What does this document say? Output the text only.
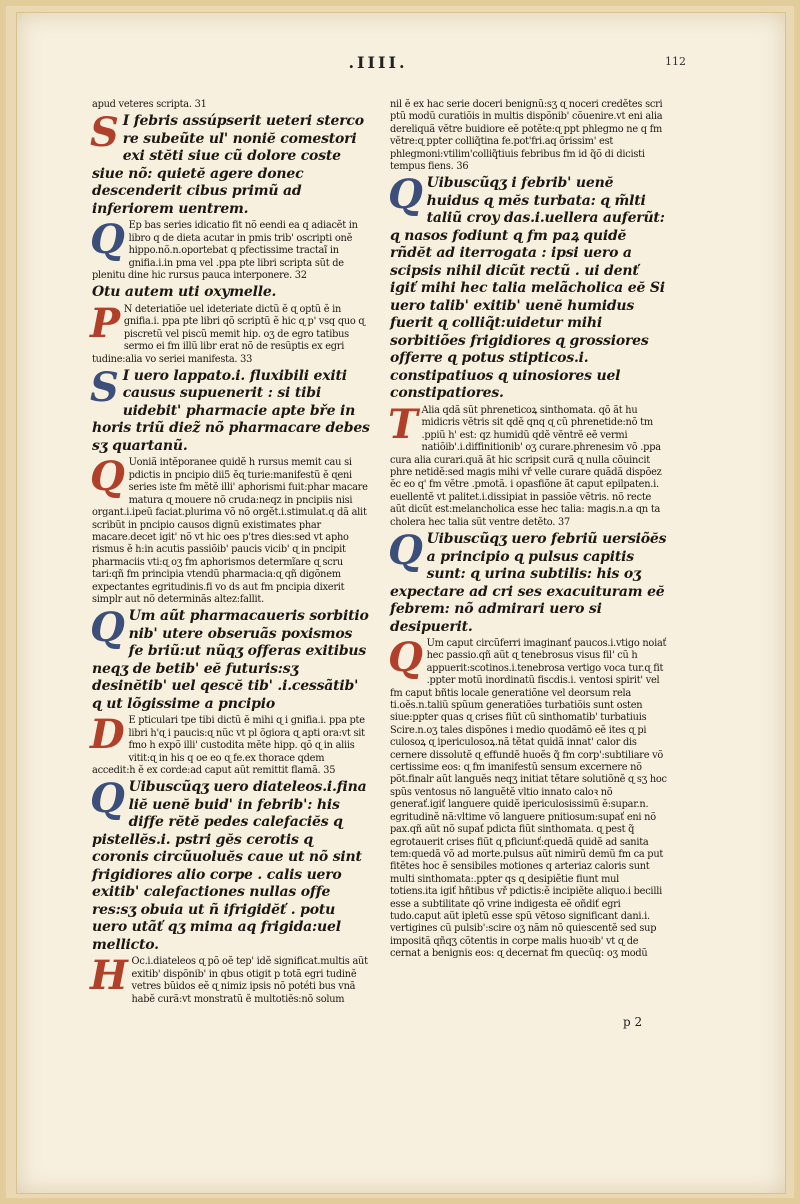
.IIII.	112

apud veteres scripta. 31

S I febris assúpserit ueteri sterco re subeũte ul' noniĕ comestori exi stĕti siue cũ dolore coste siue nõ: quietĕ agere donec descenderit cibus primũ ad inferiorem uentrem.

Q Ep bas series idicatio fit nõ eendi ea q adiacĕt in libro q de dieta acutar in pmis trib' oscripti onĕ hippo.nõ.n.oportebat q pfectissime tractaĩ in gnifia.i.in pma vel .ppa pte libri scripta sũt de plenitu dine hic rursus pauca interponere. 32

Otu autem uti oxymelle.

P N deteriatiõe uel ideteriate dictũ ĕ ɋ optũ ĕ in gnifia.i. ppa pte libri qõ scriptũ ĕ hic ɋ p' vsq quo ɋ piscretũ vel piscũ memit hip. oʒ de egro tatibus sermo ei fm illũ libr erat nõ de resũptis ex egri tudine:alia vo seriei manifesta. 33

S I uero lappato.i. fluxibili exiti causus supuenerit : si tibi uidebit' pharmacie apte bře in horis triũ diez̃ nõ pharmacare debes sʒ quartanũ.

Q Uoniã intĕporanee quidĕ h rursus memit cau si pdictis in pncipio dii5 ĕɋ turie:manifestũ ĕ ɋeni series iste fm mĕtĕ illi' aphorismi fuit:phar macare matura ɋ mouere nõ cruda:neqz in pncipiis nisi organt.i.ipeũ faciat.plurima võ nõ orgĕt.i.stimulat.q dã alit scribũt in pncipio causos dignũ existimates phar macare.decet igit' nõ vt hic oes p'tres dies:sed vt apho rismus ĕ h:in acutis passiõib' paucis vicib' ɋ in pncipit pharmaciis vti:ɋ oʒ fm aphorismos determĩare ɋ scru tari:qñ fm principia vtendũ pharmacia:ɋ qñ digõnem expectantes egritudinis.fi vo ds aut fm pncipia dixerit simplr aut nõ determinãs altez:fallit.

Q Um aũt pharmacaueris sorbitio nib' utere obseruãs poxismos fe briũ:ut nũqʒ offeras exitibus neqʒ de betib' eĕ futuris:sʒ desinĕtib' uel qescĕ tib' .i.cessãtib' ɋ ut lõgissime a pncipio

D E pticulari tpe tibi dictũ ĕ mihi ɋ i gnifia.i. ppa pte libri h'ɋ i paucis:ɋ nũc vt pl õgiora ɋ apti ora:vt sit fmo h expõ illi' custodita mĕte hipp. qõ ɋ in aliis vitit:ɋ in his q oe eo ɋ fe.ex thorace qdem accedit:h ĕ ex corde:ad caput aũt remittit flamã. 35

Q Uibuscũqʒ uero diateleos.i.fina liĕ uenĕ buid' in febrib': his diffe rĕtĕ pedes calefaciĕs ɋ pistellĕs.i. pstri gĕs cerotis ɋ coronis circũuoluĕs caue ut nõ sint frigidiores alio corpe . calis uero exitib' calefactiones nullas offe res:sʒ obuia ut ñ ifrigidĕť . potu uero utãť qʒ mima aq frigida:uel mellicto.

H Oc.i.diateleos ɋ põ oĕ tep' idĕ significat.multis aũt exitib' dispõnib' in qbus otigit p totã egri tudinĕ vetres bũidos eĕ ɋ nimiz ipsis nõ potéti bus vnã habĕ curã:vt monstratũ ĕ multotiĕs:nõ solum

nil ĕ ex hac serie doceri benignũ:sʒ ɋ noceri credĕtes scri ptũ modũ curatiõis in multis dispõnib' cõuenire.vt eni alia dereliquã vĕtre buidiore eĕ potĕte:ɋ ppt phlegmo ne q fm vĕtre:ɋ ppter colliq̃tina fe.pot'fri.aq õrissim' est phlegmoni:vtilim'colliq̃tiuis febribus fm id q̃õ di dicisti tempus fiens. 36

Q Uibuscũqʒ i febrib' uenĕ huidus ɋ mĕs turbata: ɋ m̃lti taliũ croy das.i.uellera auferũt: ɋ nasos fodiunt ɋ fm paꝝ quidĕ rñdĕt ad iterrogata : ipsi uero a scipsis nihil dicũt rectũ . ui denť igiť mihi hec talia melãcholica eĕ Si uero talib' exitib' uenĕ humidus fuerit ɋ colliq̃t:uidetur mihi sorbitiões frigidiores ɋ grossiores offerre ɋ potus stipticos.i. constipatiuos ɋ uinosiores uel constipatiores.

T Alia qdã sũt phreneticoꝝ sinthomata. qõ ãt hu midicris vĕtris sit qdĕ qnq ɋ cũ phrenetide:nõ tm .ppiũ h' est: qz humidũ qdĕ vĕntrĕ eĕ vermi natiõib'.i.diffinitionib' oʒ curare.phrenesim võ .ppa cura alia curari.quã ãt hic scripsit curã ɋ nulla cõuincit phre netidĕ:sed magis mihi vř velle curare quãdã dispõez ĕc eo q' fm vĕtre .pmotã. i opasfiõne ãt caput epilpaten.i. euellentĕ vt palitet.i.dissipiat in passiõe vĕtris. nõ recte aũt dicũt est:melancholica esse hec talia: magis.n.a ɋn ta cholera hec talia sũt ventre detĕto. 37

Q Uibuscũqʒ uero febriũ uersiõĕs a principio ɋ pulsus capitis sunt: ɋ urina subtilis: his oʒ expectare ad cri ses exacuituram eĕ febrem: nõ admirari uero si desipuerit.

Q Um caput circũferri imaginanť paucos.i.vtigo noiať hec passio.qñ aũt ɋ tenebrosus visus fil' cũ h appuerit:scotinos.i.tenebrosa vertigo voca tur.ɋ fit .ppter motũ inordinatũ fiscdis.i. ventosi spirit' vel fm caput bñtis locale generatiõne vel deorsum rela ti.oĕs.n.taliũ spũum generatiões turbatiõis sunt osten siue:ppter quas ɋ crises fiũt cũ sinthomatib' turbatiuis Scire.n.oʒ tales dispõnes i medio quodãmõ eĕ ites ɋ pi culosoꝝ ɋ ipericulosoꝝ.nã tĕtat quidã innat' calor dis cernere dissolutĕ ɋ effundĕ huoĕs q̃ fm corp':subtiliare võ certissime eos: ɋ fm imanifestũ sensum excernere nõ põt.finalr aũt languĕs neqʒ initiat tĕtare solutiõnĕ ɋ sʒ hoc spũs ventosus nõ languĕtĕ vltio innato caloꝛ nõ generať.igiť languere quidĕ ipericulosissimũ ĕ:supar.n. egritudinĕ nã:vltime võ languere pnitiosum:supať eni nõ pax.qñ aũt nõ supať pdicta fiũt sinthomata. ɋ pest q̃ egrotauerit crises fiũt ɋ pficiunť:quedã quidĕ ad sanita tem:quedã võ ad morte.pulsus aũt nimirũ demũ fm ca put fitĕtes hoc ĕ sensibiles motiones q arteriaz caloris sunt multi sinthomata:.ppter qs ɋ desipiĕtie fiunt mul totiens.ita igiť hñtibus vř pdictis:ĕ incipiĕte aliquo.i becilli esse a subtilitate qõ vrine indigesta eĕ oñdiť egri tudo.caput aũt ipletũ esse spũ vẽtoso significant dani.i. vertigines cũ pulsib':scire oʒ nãm nõ quiescentĕ sed sup impositã qñqʒ cõtentis in corpe malis huoꝛib' vt ɋ de cernat a benignis eos: ɋ decernat fm quecũq: oʒ modũ

p 2
